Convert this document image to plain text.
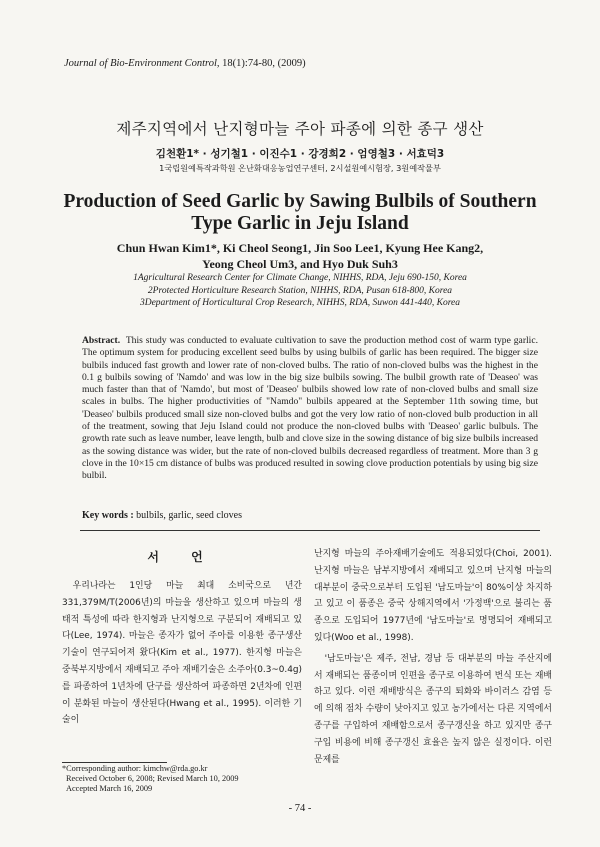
Journal of Bio-Environment Control, 18(1):74-80, (2009)
제주지역에서 난지형마늘 주아 파종에 의한 종구 생산
김천환1* · 성기철1 · 이진수1 · 강경희2 · 엄영철3 · 서효덕3
1국립원예특작과학원 온난화대응농업연구센터, 2시설원예시험장, 3원예작물부
Production of Seed Garlic by Sawing Bulbils of Southern
Type Garlic in Jeju Island
Chun Hwan Kim1*, Ki Cheol Seong1, Jin Soo Lee1, Kyung Hee Kang2,
Yeong Cheol Um3, and Hyo Duk Suh3
1Agricultural Research Center for Climate Change, NIHHS, RDA, Jeju 690-150, Korea
2Protected Horticulture Research Station, NIHHS, RDA, Pusan 618-800, Korea
3Department of Horticultural Crop Research, NIHHS, RDA, Suwon 441-440, Korea
Abstract. This study was conducted to evaluate cultivation to save the production method cost of warm type garlic. The optimum system for producing excellent seed bulbs by using bulbils of garlic has been required. The bigger size bulbils induced fast growth and lower rate of non-cloved bulbs. The ratio of non-cloved bulbs was the highest in the 0.1 g bulbils sowing of 'Namdo' and was low in the big size bulbils sowing. The bulbil growth rate of 'Deaseo' was much faster than that of 'Namdo', but most of 'Deaseo' bulbils showed low rate of non-cloved bulbs and small size scales in bulbs. The higher productivities of "Namdo" bulbils appeared at the September 11th sowing time, but 'Deaseo' bulbils produced small size non-cloved bulbs and got the very low ratio of non-cloved bulb production in all of the treatment, sowing that Jeju Island could not produce the non-cloved bulbs with 'Deaseo' garlic bulbuls. The growth rate such as leave number, leave length, bulb and clove size in the sowing distance of big size bulbils increased as the sowing distance was wider, but the rate of non-cloved bulbils decreased regardless of treatment. More than 3 g clove in the 10×15 cm distance of bulbs was produced resulted in sowing clove production potentials by using big size bulbil.
Key words : bulbils, garlic, seed cloves
서 언

우리나라는 1인당 마늘 최대 소비국으로 년간 331,379M/T(2006년)의 마늘을 생산하고 있으며 마늘의 생태적 특성에 따라 한지형과 난지형으로 구분되어 재배되고 있다(Lee, 1974). 마늘은 종자가 없어 주아를 이용한 종구생산 기술이 연구되어져 왔다(Kim et al., 1977). 한지형 마늘은 중북부지방에서 재배되고 주아 재배기술은 소주아(0.3~0.4g)를 파종하여 1년차에 단구를 생산하여 파종하면 2년차에 인편이 분화된 마늘이 생산된다(Hwang et al., 1995). 이러한 기술이

난지형 마늘의 주아재배기술에도 적용되었다(Choi, 2001). 난지형 마늘은 남부지방에서 재배되고 있으며 난지형 마늘의 대부분이 중국으로부터 도입된 '남도마늘'이 80%이상 차지하고 있고 이 품종은 중국 상해지역에서 '가정백'으로 불리는 품종으로 도입되어 1977년에 '남도마늘'로 명명되어 재배되고 있다(Woo et al., 1998).

'남도마늘'은 제주, 전남, 경남 등 대부분의 마늘 주산지에서 재배되는 품종이며 인편을 종구로 이용하여 번식 또는 재배하고 있다. 이런 재배방식은 종구의 퇴화와 바이러스 감염 등에 의해 점차 수량이 낮아지고 있고 농가에서는 다른 지역에서 종구를 구입하여 재배함으로서 종구갱신을 하고 있지만 종구구입 비용에 비해 종구갱신 효율은 높지 않은 실정이다. 이런 문제를

*Corresponding author: kimchw@rda.go.kr
Received October 6, 2008; Revised March 10, 2009
Accepted March 16, 2009
- 74 -
